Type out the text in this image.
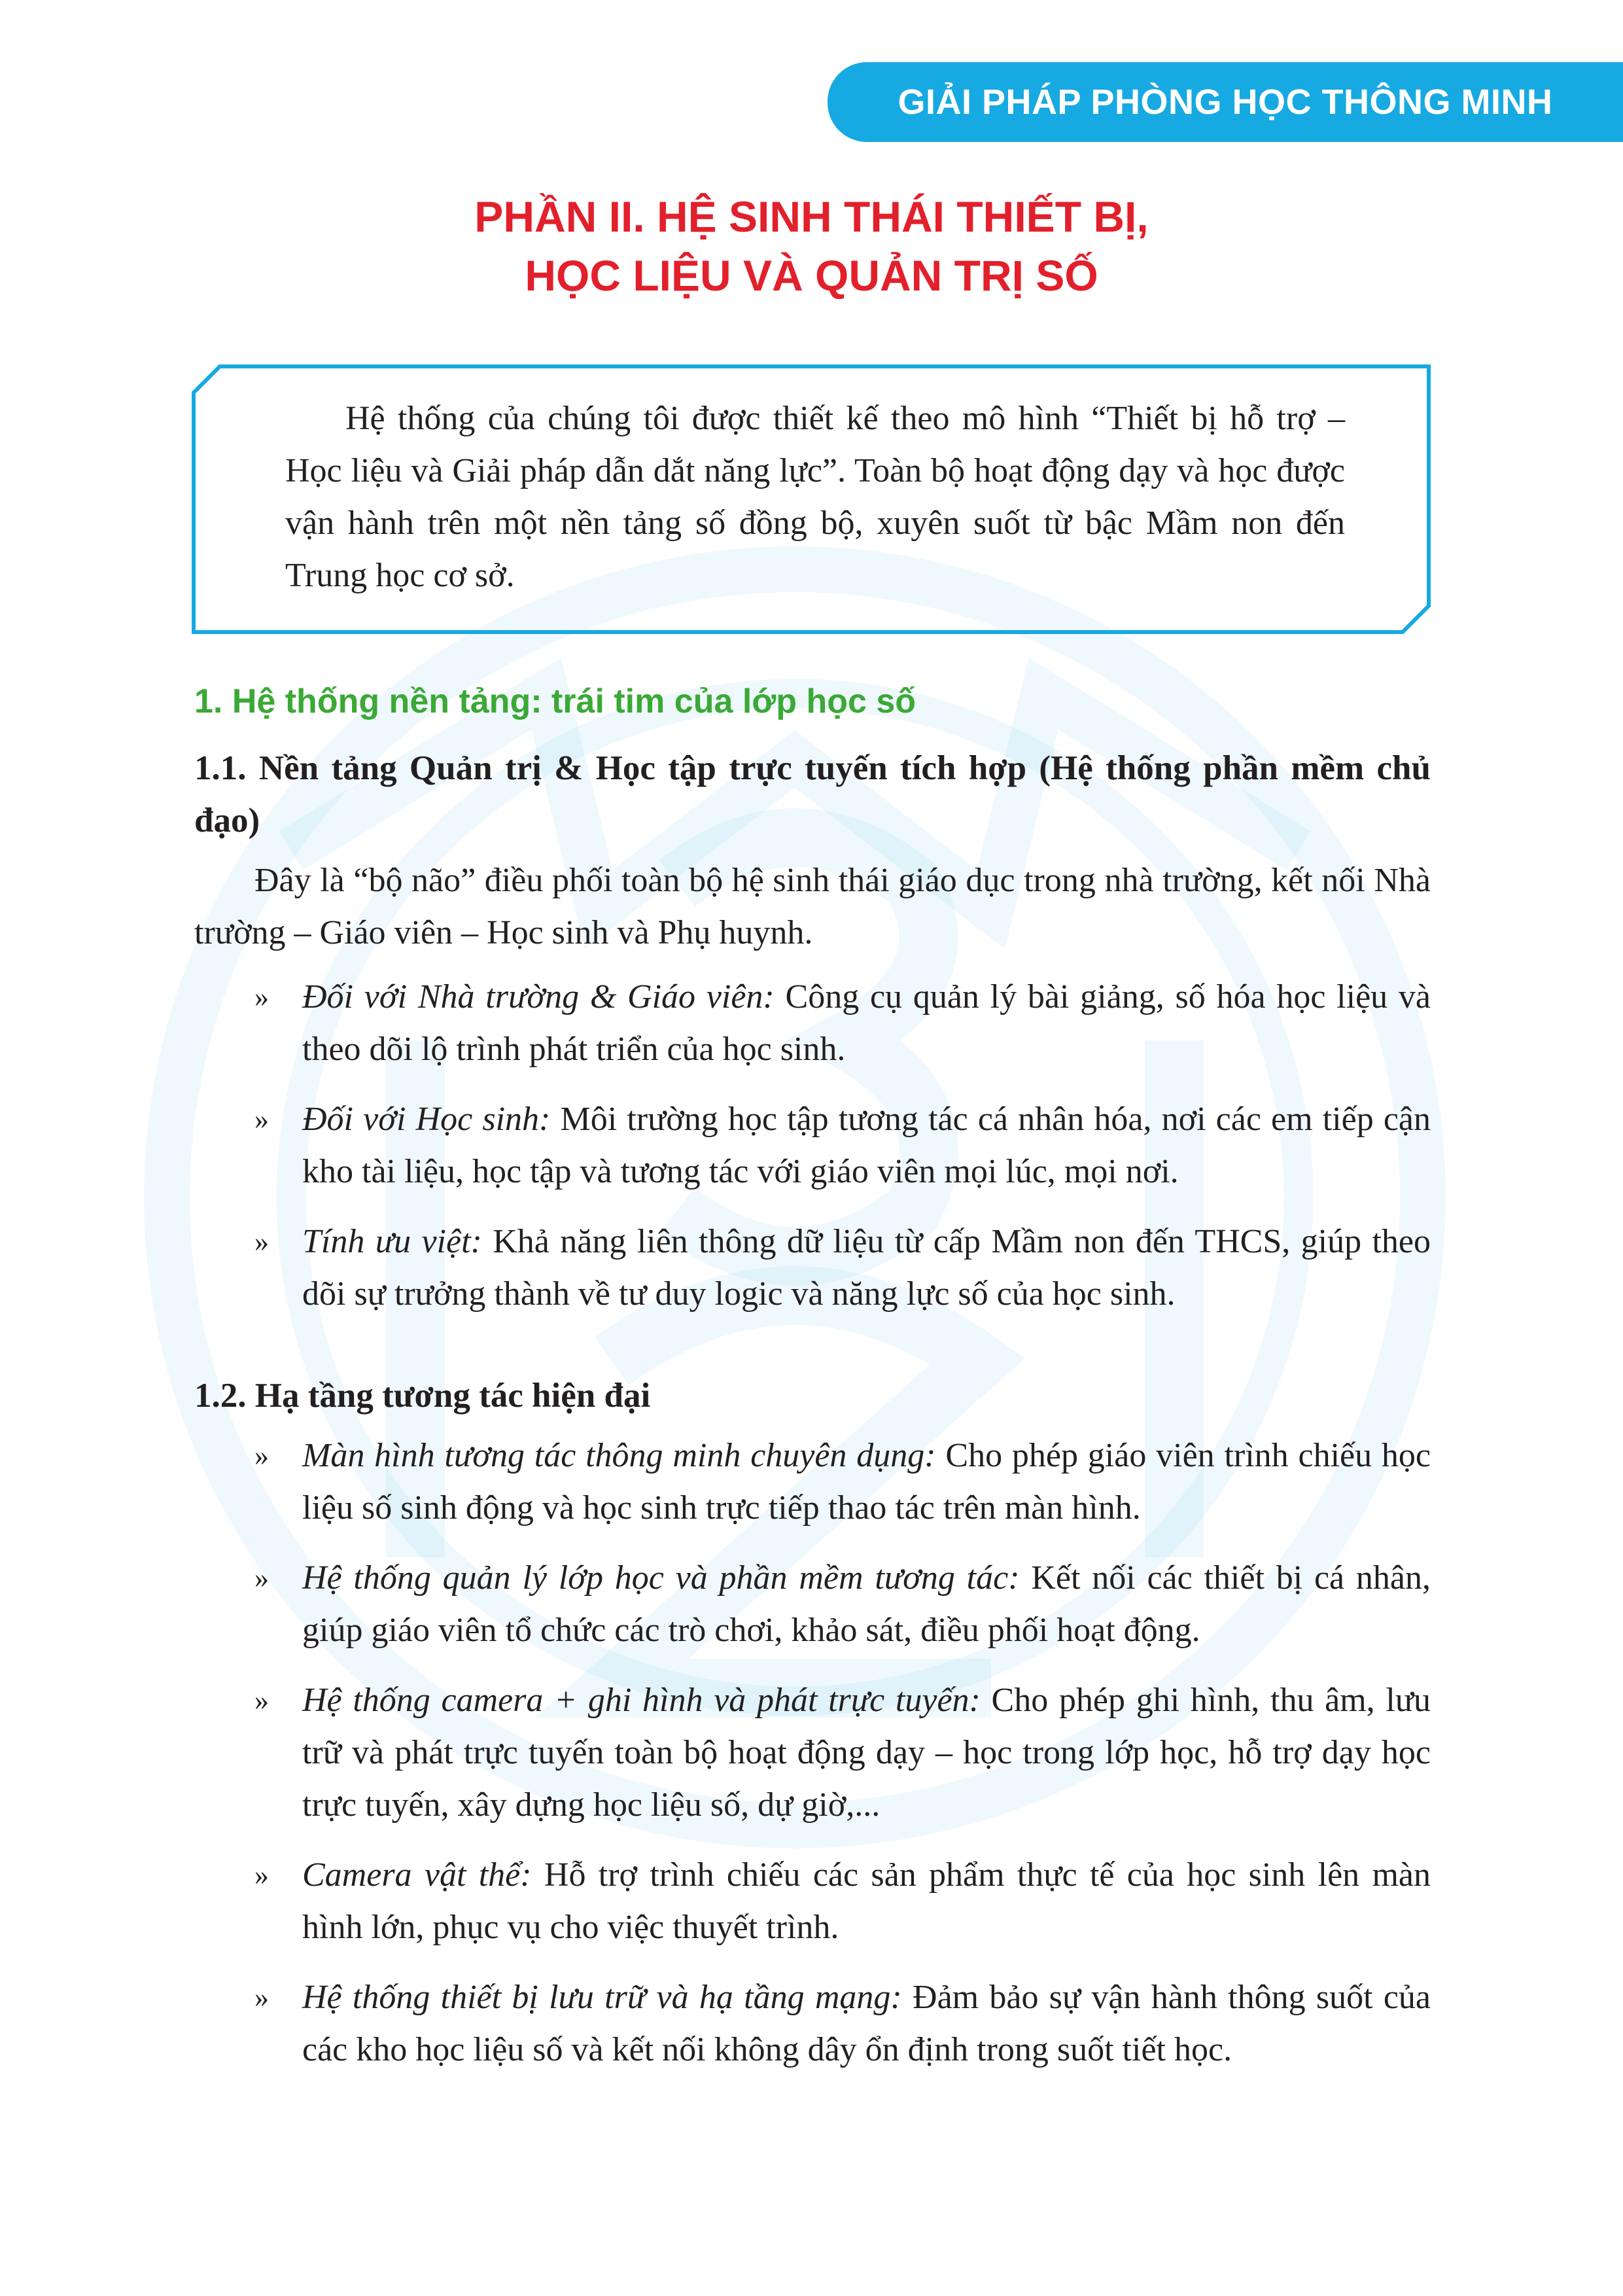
GIẢI PHÁP PHÒNG HỌC THÔNG MINH
PHẦN II. HỆ SINH THÁI THIẾT BỊ,
HỌC LIỆU VÀ QUẢN TRỊ SỐ

Hệ thống của chúng tôi được thiết kế theo mô hình “Thiết bị hỗ trợ – Học liệu và Giải pháp dẫn dắt năng lực”. Toàn bộ hoạt động dạy và học được vận hành trên một nền tảng số đồng bộ, xuyên suốt từ bậc Mầm non đến Trung học cơ sở.

1. Hệ thống nền tảng: trái tim của lớp học số
1.1. Nền tảng Quản trị & Học tập trực tuyến tích hợp (Hệ thống phần mềm chủ đạo)

Đây là “bộ não” điều phối toàn bộ hệ sinh thái giáo dục trong nhà trường, kết nối Nhà trường – Giáo viên – Học sinh và Phụ huynh.

» Đối với Nhà trường & Giáo viên: Công cụ quản lý bài giảng, số hóa học liệu và theo dõi lộ trình phát triển của học sinh.
» Đối với Học sinh: Môi trường học tập tương tác cá nhân hóa, nơi các em tiếp cận kho tài liệu, học tập và tương tác với giáo viên mọi lúc, mọi nơi.
» Tính ưu việt: Khả năng liên thông dữ liệu từ cấp Mầm non đến THCS, giúp theo dõi sự trưởng thành về tư duy logic và năng lực số của học sinh.
1.2. Hạ tầng tương tác hiện đại
» Màn hình tương tác thông minh chuyên dụng: Cho phép giáo viên trình chiếu học liệu số sinh động và học sinh trực tiếp thao tác trên màn hình.
» Hệ thống quản lý lớp học và phần mềm tương tác: Kết nối các thiết bị cá nhân, giúp giáo viên tổ chức các trò chơi, khảo sát, điều phối hoạt động.
» Hệ thống camera + ghi hình và phát trực tuyến: Cho phép ghi hình, thu âm, lưu trữ và phát trực tuyến toàn bộ hoạt động dạy – học trong lớp học, hỗ trợ dạy học trực tuyến, xây dựng học liệu số, dự giờ,...
» Camera vật thể: Hỗ trợ trình chiếu các sản phẩm thực tế của học sinh lên màn hình lớn, phục vụ cho việc thuyết trình.
» Hệ thống thiết bị lưu trữ và hạ tầng mạng: Đảm bảo sự vận hành thông suốt của các kho học liệu số và kết nối không dây ổn định trong suốt tiết học.
